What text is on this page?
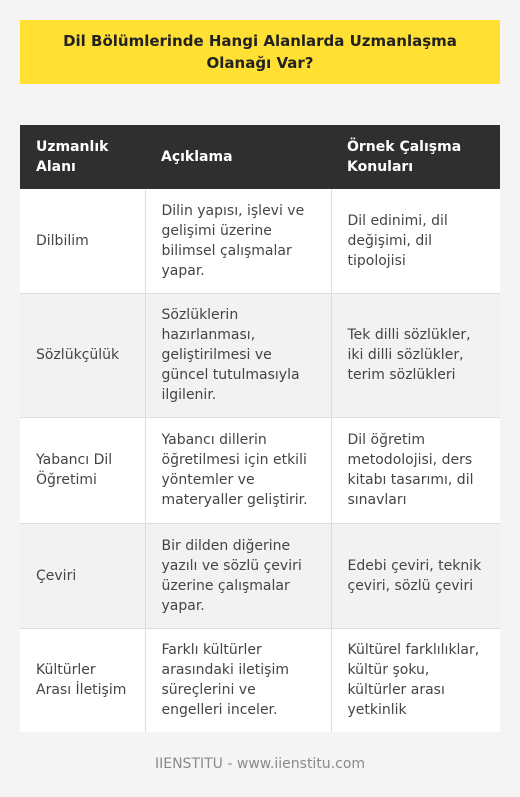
Dil Bölümlerinde Hangi Alanlarda Uzmanlaşma Olanağı Var?
Uzmanlık Alanı	Açıklama	Örnek Çalışma Konuları
Dilbilim	Dilin yapısı, işlevi ve gelişimi üzerine bilimsel çalışmalar yapar.	Dil edinimi, dil değişimi, dil tipolojisi
Sözlükçülük	Sözlüklerin hazırlanması, geliştirilmesi ve güncel tutulmasıyla ilgilenir.	Tek dilli sözlükler, iki dilli sözlükler, terim sözlükleri
Yabancı Dil Öğretimi	Yabancı dillerin öğretilmesi için etkili yöntemler ve materyaller geliştirir.	Dil öğretim metodolojisi, ders kitabı tasarımı, dil sınavları
Çeviri	Bir dilden diğerine yazılı ve sözlü çeviri üzerine çalışmalar yapar.	Edebi çeviri, teknik çeviri, sözlü çeviri
Kültürler Arası İletişim	Farklı kültürler arasındaki iletişim süreçlerini ve engelleri inceler.	Kültürel farklılıklar, kültür şoku, kültürler arası yetkinlik
IIENSTITU - www.iienstitu.com
